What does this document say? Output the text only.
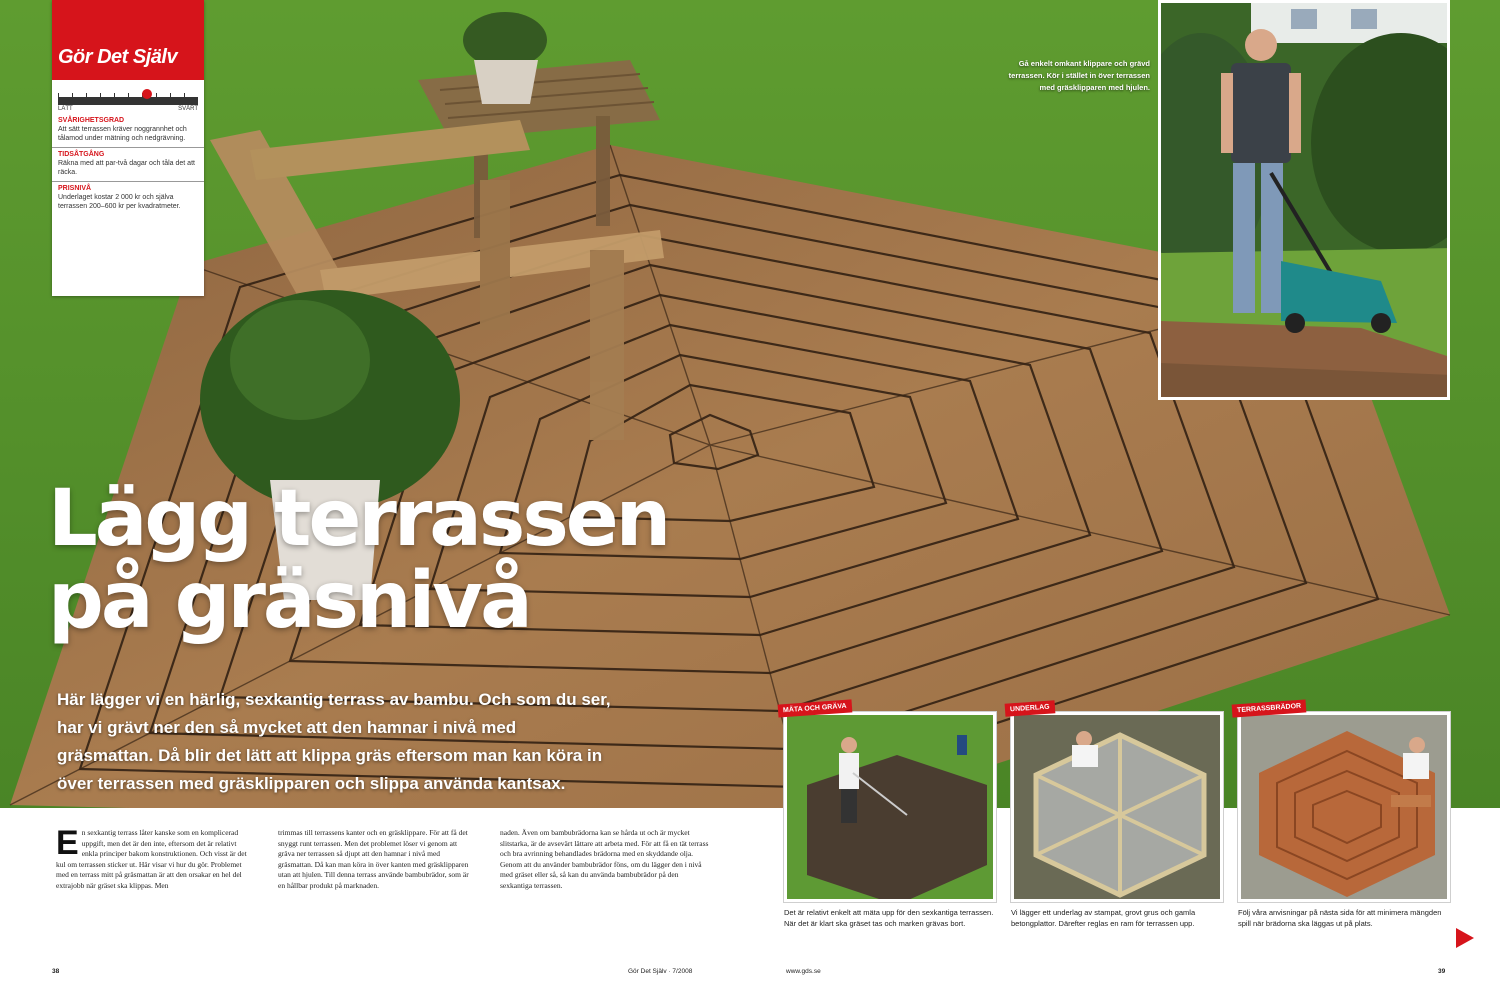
Gör Det Själv
LÄTT	SVÅRT
SVÅRIGHETSGRAD

Att sätt terrassen kräver noggrannhet och tålamod under mätning och nedgrävning.

TIDSÅTGÅNG

Räkna med att par-två dagar och tåla det att räcka.

PRISNIVÅ

Underlaget kostar 2 000 kr och själva terrassen 200–600 kr per kvadratmeter.

Lägg terrassen
på gräsnivå
Här lägger vi en härlig, sexkantig terrass av bambu. Och som du ser, har vi grävt ner den så mycket att den hamnar i nivå med gräsmattan. Då blir det lätt att klippa gräs eftersom man kan köra in över terrassen med gräsklipparen och slippa använda kantsax.
Gå enkelt omkant klippare och grävd terrassen. Kör i stället in över terrassen med gräsklipparen med hjulen.
E n sexkantig terrass låter kanske som en komplicerad uppgift, men det är den inte, eftersom det är relativt enkla principer bakom konstruktionen. Och visst är det kul om terrassen sticker ut. Här visar vi hur du gör. Problemet med en terrass mitt på gräsmattan är att den orsakar en hel del extrajobb när gräset ska klippas. Men
trimmas till terrassens kanter och en gräsklippare. För att få det snyggt runt terrassen. Men det problemet löser vi genom att gräva ner terrassen så djupt att den hamnar i nivå med gräsmattan. Då kan man köra in över kanten med gräsklipparen utan att hjulen. Till denna terrass använde bambubrädor, som är en hållbar produkt på marknaden.
naden. Även om bambubrädorna kan se hårda ut och är mycket slitstarka, är de avsevärt lättare att arbeta med. För att få en tät terrass och bra avrinning behandlades brädorna med en skyddande olja. Genom att du använder bambubrädor föns, om du lägger den i nivå med gräset eller så, så kan du använda bambubrädor på den sexkantiga terrassen.
MÄTA OCH GRÄVA
Det är relativt enkelt att mäta upp för den sexkantiga terrassen. När det är klart ska gräset tas och marken grävas bort.
UNDERLAG
Vi lägger ett underlag av stampat, grovt grus och gamla betongplattor. Därefter reglas en ram för terrassen upp.
TERRASSBRÄDOR
Följ våra anvisningar på nästa sida för att minimera mängden spill när brädorna ska läggas ut på plats.
38	Gör Det Själv · 7/2008	www.gds.se	39
